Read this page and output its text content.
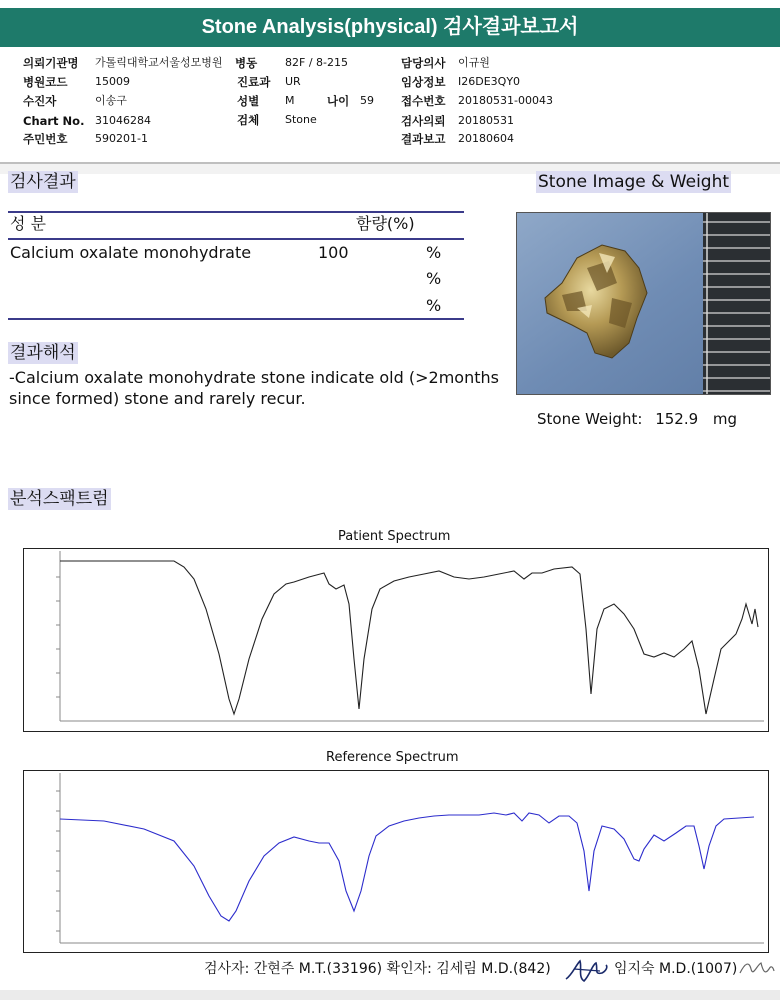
Stone Analysis(physical) 검사결과보고서
의뢰기관명 가톨릭대학교서울성모병원 병동	82F / 8-215	담당의사 이규원
병원코드	15009	진료과 UR	임상정보 I26DE3QY0
수진자	이송구	성별 M	나이 59 접수번호 20180531-00043
Chart No. 31046284	검체 Stone	검사의뢰 20180531
주민번호	590201-1	결과보고 20180604
검사결과
성 분	함량(%)
Calcium oxalate monohydrate	100	%
%
%
결과해석
-Calcium oxalate monohydrate stone indicate old (>2months
since formed) stone and rarely recur.
Stone Image & Weight
Stone Weight: 152.9 mg
분석스팩트럼
Patient Spectrum
Reference Spectrum
검사자: 간현주 M.T.(33196) 확인자: 김세림 M.D.(842)	임지숙 M.D.(1007)
